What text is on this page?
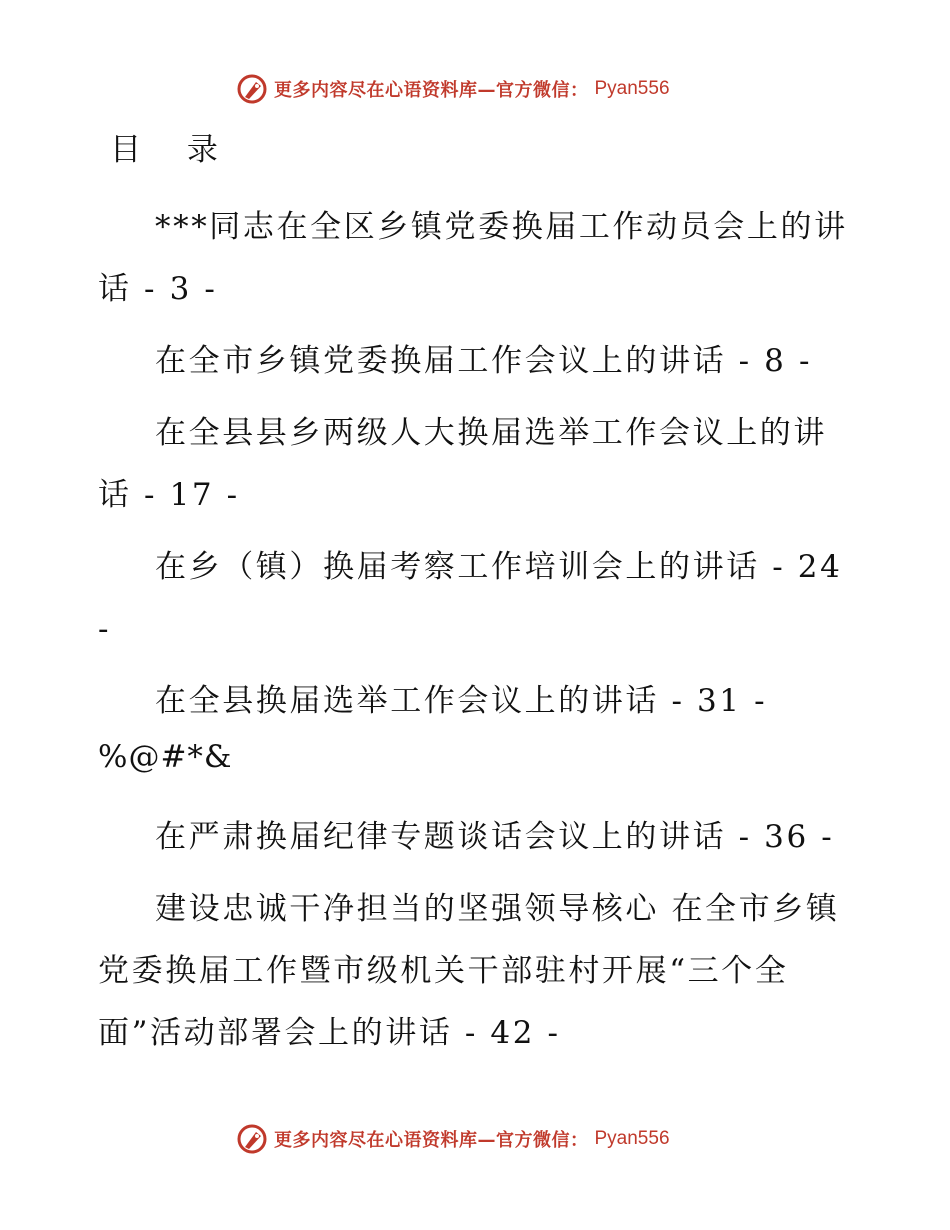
更多内容尽在心语资料库—官方微信： Pyan556
目 录
***同志在全区乡镇党委换届工作动员会上的讲话 - 3 -
在全市乡镇党委换届工作会议上的讲话 - 8 -
在全县县乡两级人大换届选举工作会议上的讲话 - 17 -
在乡（镇）换届考察工作培训会上的讲话 - 24 -
在全县换届选举工作会议上的讲话 - 31 -
%@#*&
在严肃换届纪律专题谈话会议上的讲话 - 36 -
建设忠诚干净担当的坚强领导核心 在全市乡镇党委换届工作暨市级机关干部驻村开展“三个全面”活动部署会上的讲话 - 42 -
更多内容尽在心语资料库—官方微信： Pyan556
